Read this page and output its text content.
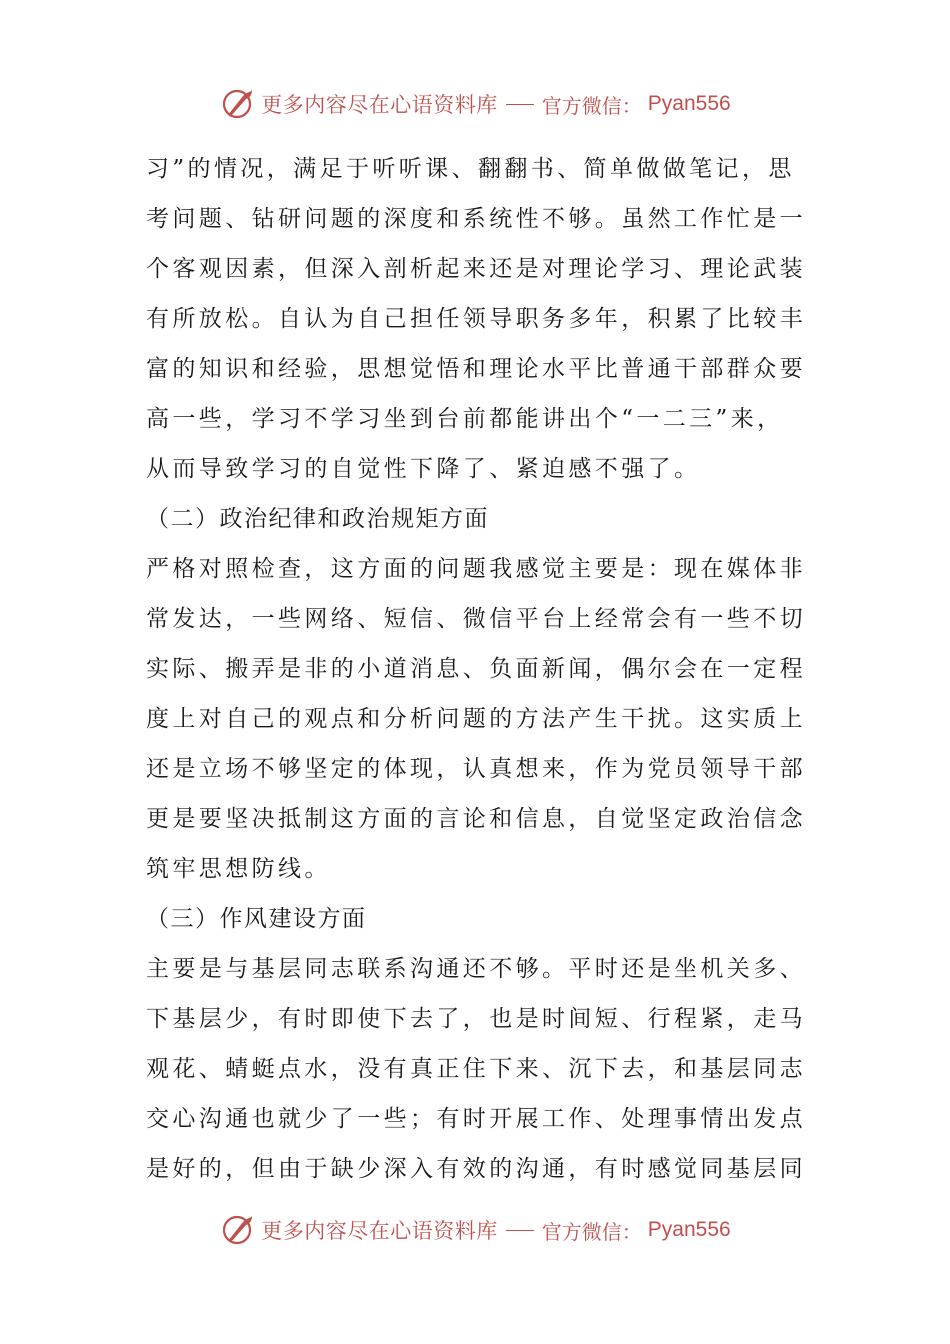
更多内容尽在心语资料库 官方微信： Pyan556
习”的情况，满足于听听课、翻翻书、简单做做笔记，思
考问题、钻研问题的深度和系统性不够。虽然工作忙是一
个客观因素，但深入剖析起来还是对理论学习、理论武装
有所放松。自认为自己担任领导职务多年，积累了比较丰
富的知识和经验，思想觉悟和理论水平比普通干部群众要
高一些，学习不学习坐到台前都能讲出个“一二三”来，
从而导致学习的自觉性下降了、紧迫感不强了。
（二）政治纪律和政治规矩方面
严格对照检查，这方面的问题我感觉主要是：现在媒体非
常发达，一些网络、短信、微信平台上经常会有一些不切
实际、搬弄是非的小道消息、负面新闻，偶尔会在一定程
度上对自己的观点和分析问题的方法产生干扰。这实质上
还是立场不够坚定的体现，认真想来，作为党员领导干部
更是要坚决抵制这方面的言论和信息，自觉坚定政治信念
筑牢思想防线。
（三）作风建设方面
主要是与基层同志联系沟通还不够。平时还是坐机关多、
下基层少，有时即使下去了，也是时间短、行程紧，走马
观花、蜻蜓点水，没有真正住下来、沉下去，和基层同志
交心沟通也就少了一些；有时开展工作、处理事情出发点
是好的，但由于缺少深入有效的沟通，有时感觉同基层同
更多内容尽在心语资料库 官方微信： Pyan556
